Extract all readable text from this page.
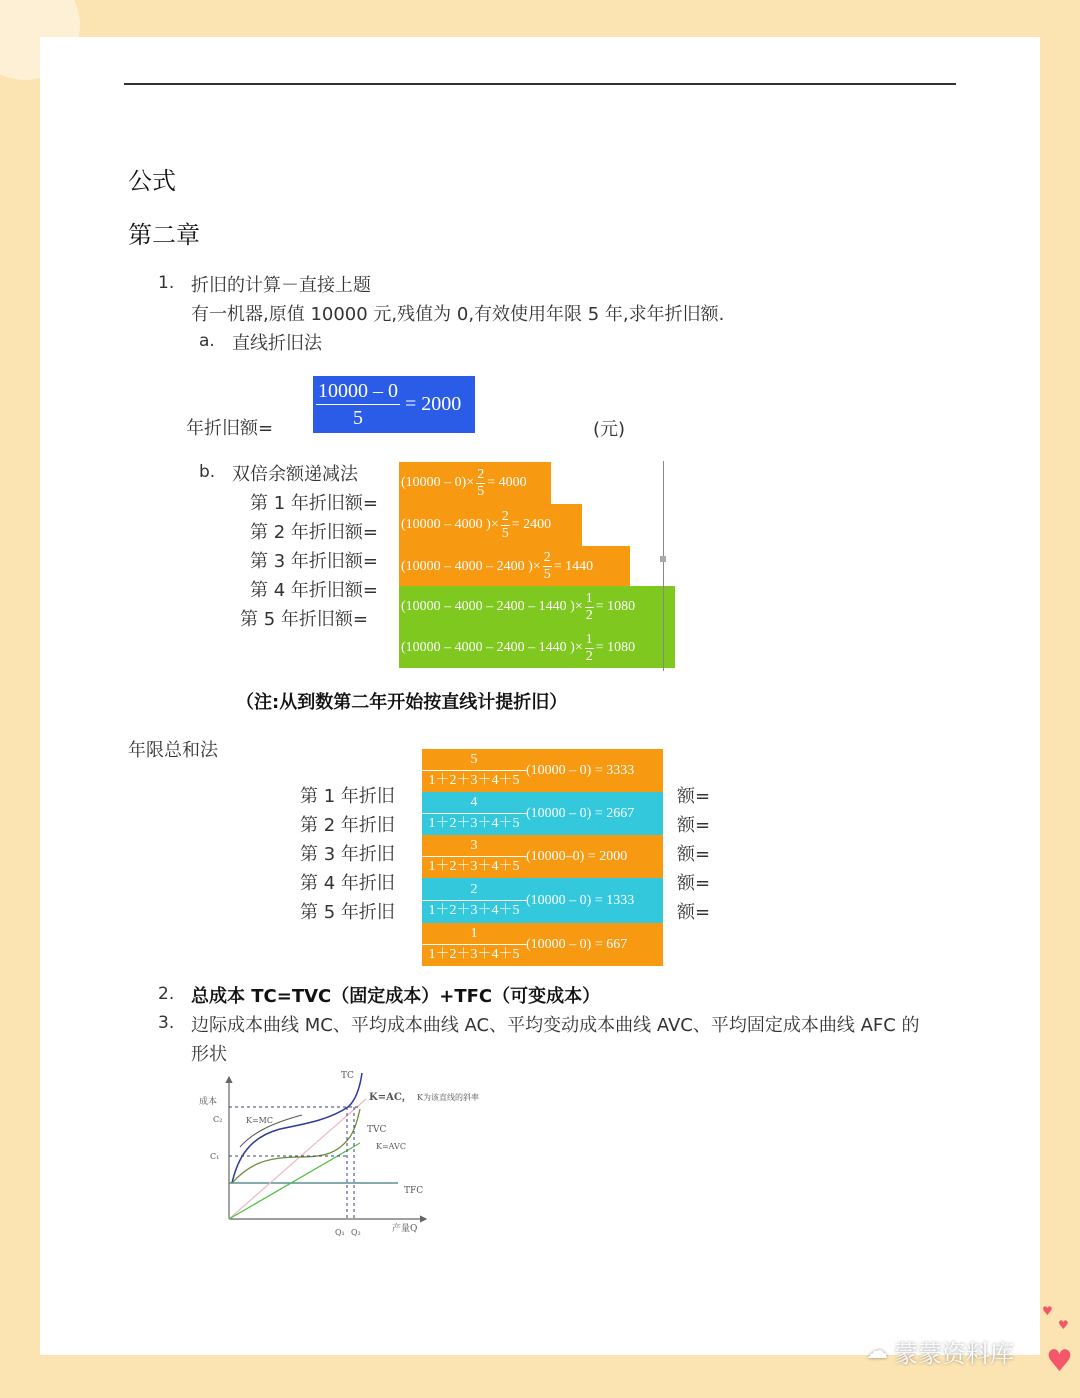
公式
第二章
1. 折旧的计算－直接上题
有一机器,原值 10000 元,残值为 0,有效使用年限 5 年,求年折旧额.
a. 直线折旧法
年折旧额=
$\frac{10000 - 0}{5} = 2000$
(元)
b. 双倍余额递减法
第 1 年折旧额=
第 2 年折旧额=
第 3 年折旧额=
第 4 年折旧额=
第 5 年折旧额=
$(10000 - 0)\times \frac{2}{5} = 4000$
(10000 – 4000 )× $\frac{2}{5} = 2400$
(10000 – 4000 – 2400 )× $\frac{2}{5} = 1440$
(10000 – 4000 – 2400 – 1440 )× $\frac{1}{2} = 1080$
(10000 – 4000 – 2400 – 1440 )× $\frac{1}{2} = 1080$
（注:从到数第二年开始按直线计提折旧）
年限总和法
第 1 年折旧
第 2 年折旧
第 3 年折旧
第 4 年折旧
第 5 年折旧
额=
额=
额=
额=
额=
$\frac{5}{1+2+3+4+5} (10000 - 0) = 3333$
$\frac{4}{1+2+3+4+5} (10000 - 0) = 2667$
$\frac{3}{1+2+3+4+5} (10000-0) = 2000$
$\frac{2}{1+2+3+4+5} (10000 - 0) = 1333$
$\frac{1}{1+2+3+4+5} (10000 - 0) = 667$
2. 总成本 TC=TVC（固定成本）+TFC（可变成本）
3. 边际成本曲线 MC、平均成本曲线 AC、平均变动成本曲线 AVC、平均固定成本曲线 AFC 的
形状
成本
C₂
C₁
TC
K=AC， K为该直线的斜率
K=MC
TVC
K=AVC
TFC
Q₁ Q₂	产量Q
☁ 蒙蒙资料库
♥
♥
♥
